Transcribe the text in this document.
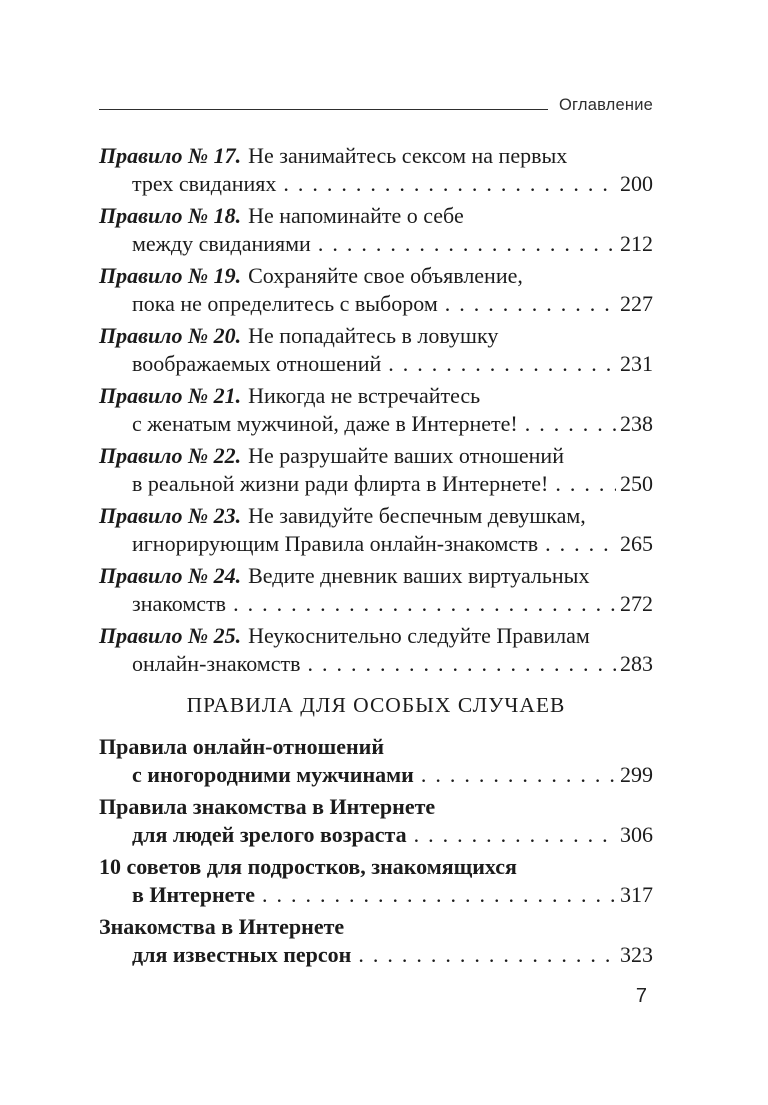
Оглавление
Правило № 17. Не занимайтесь сексом на первых
трех свиданиях .....	200
Правило № 18. Не напоминайте о себе
между свиданиями .....	212
Правило № 19. Сохраняйте свое объявление,
пока не определитесь с выбором .....	227
Правило № 20. Не попадайтесь в ловушку
воображаемых отношений .....	231
Правило № 21. Никогда не встречайтесь
с женатым мужчиной, даже в Интернете! .....	238
Правило № 22. Не разрушайте ваших отношений
в реальной жизни ради флирта в Интернете! .....	250
Правило № 23. Не завидуйте беспечным девушкам,
игнорирующим Правила онлайн-знакомств .....	265
Правило № 24. Ведите дневник ваших виртуальных
знакомств .....	272
Правило № 25. Неукоснительно следуйте Правилам
онлайн-знакомств .....	283
ПРАВИЛА ДЛЯ ОСОБЫХ СЛУЧАЕВ
Правила онлайн-отношений
с иногородними мужчинами .....	299
Правила знакомства в Интернете
для людей зрелого возраста .....	306
10 советов для подростков, знакомящихся
в Интернете .....	317
Знакомства в Интернете
для известных персон .....	323
7
